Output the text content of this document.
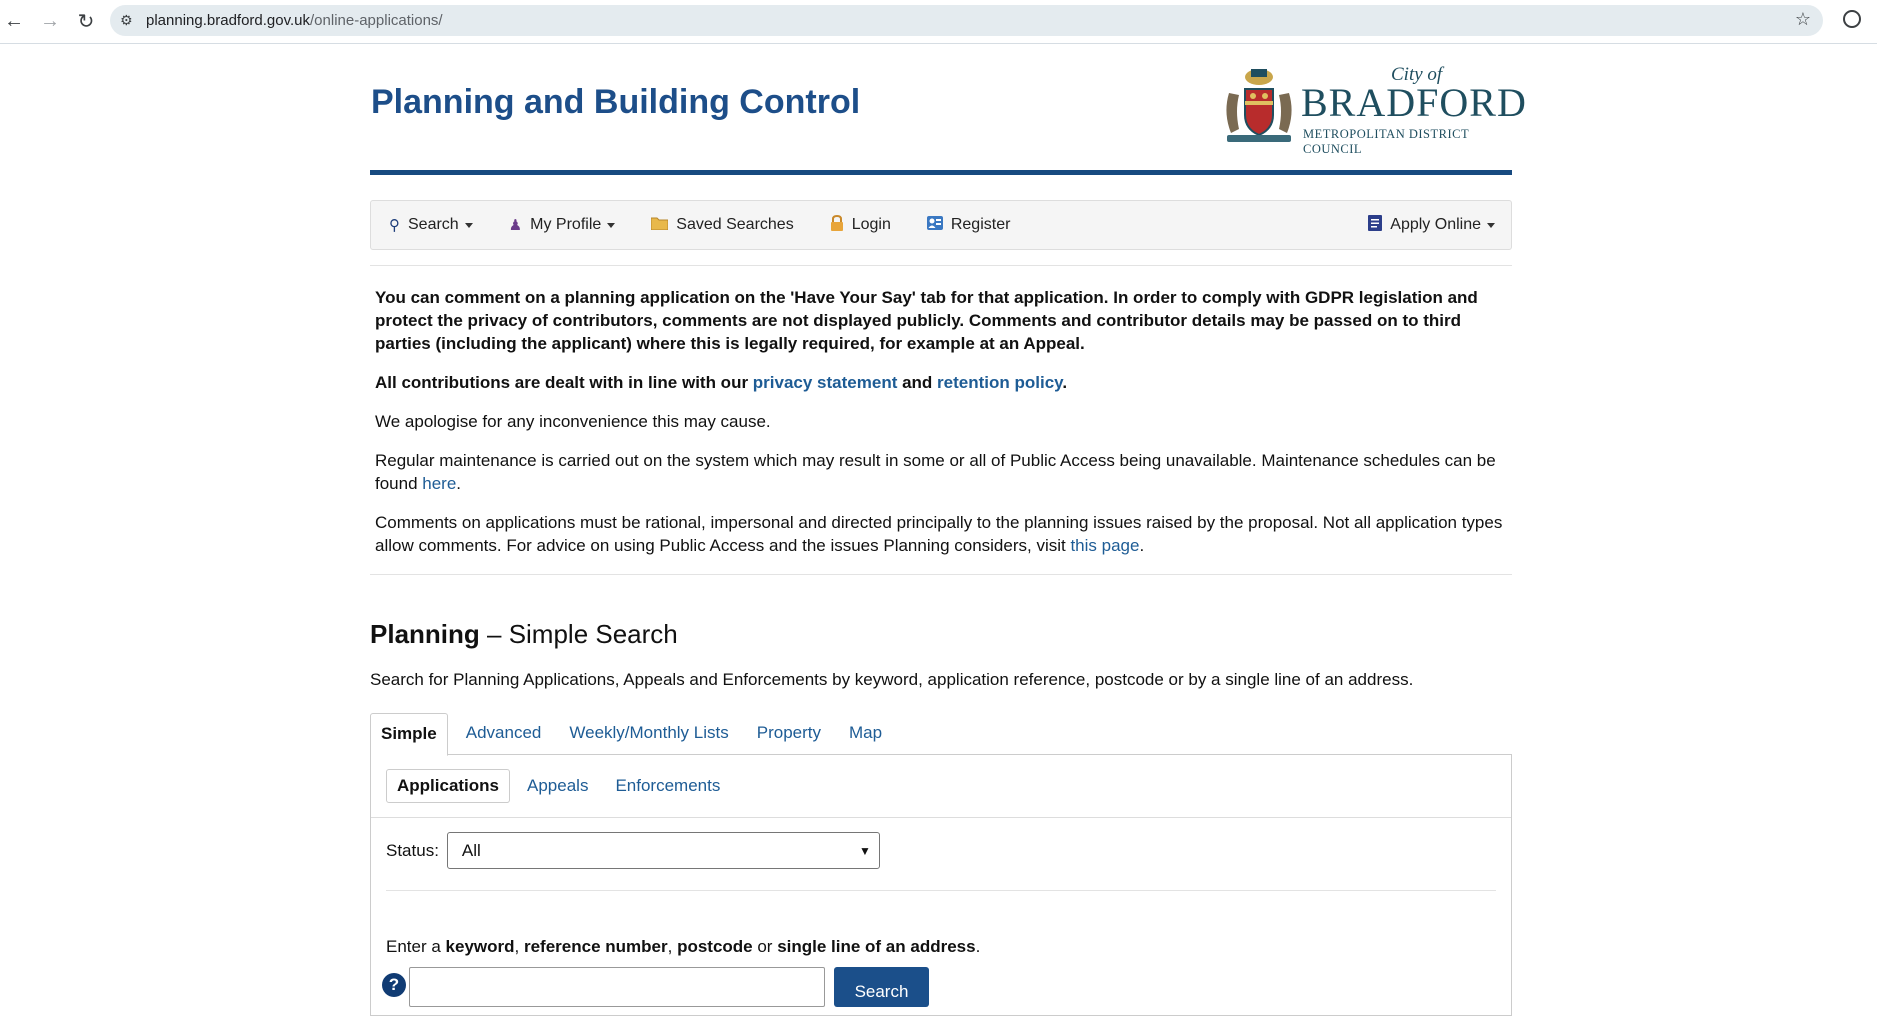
← → ↻	⚙ planning.bradford.gov.uk/online-applications/	☆
Planning and Building Control
City of
BRADFORD
METROPOLITAN DISTRICT COUNCIL
⚲ Search	♟ My Profile	Saved Searches	Login	Register	Apply Online

You can comment on a planning application on the 'Have Your Say' tab for that application. In order to comply with GDPR legislation and protect the privacy of contributors, comments are not displayed publicly. Comments and contributor details may be passed on to third parties (including the applicant) where this is legally required, for example at an Appeal.

All contributions are dealt with in line with our privacy statement and retention policy.

We apologise for any inconvenience this may cause.

Regular maintenance is carried out on the system which may result in some or all of Public Access being unavailable. Maintenance schedules can be found here.

Comments on applications must be rational, impersonal and directed principally to the planning issues raised by the proposal. Not all application types allow comments. For advice on using Public Access and the issues Planning considers, visit this page.

Planning – Simple Search

Search for Planning Applications, Appeals and Enforcements by keyword, application reference, postcode or by a single line of an address.

Simple	Advanced	Weekly/Monthly Lists	Property	Map
Applications	Appeals	Enforcements
Status: All	▼
Enter a keyword, reference number, postcode or single line of an address.
?	Search
